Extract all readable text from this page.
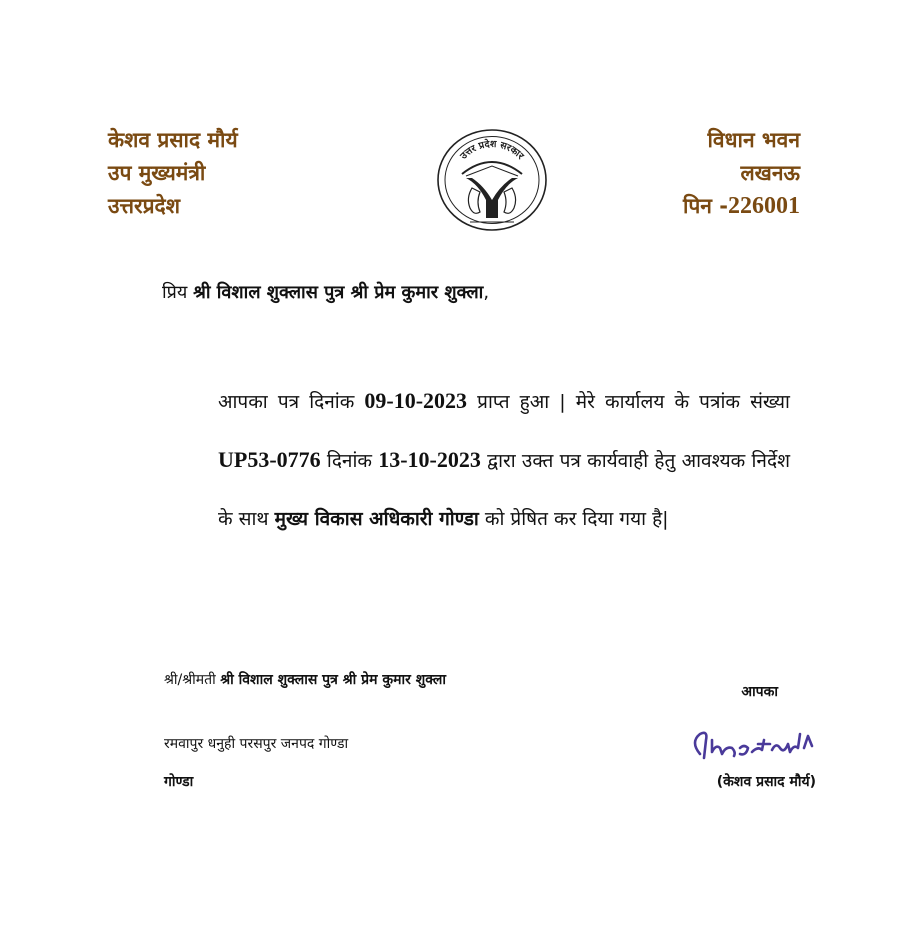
केशव प्रसाद मौर्य
उप मुख्यमंत्री
उत्तरप्रदेश
उत्तर प्रदेश सरकार
विधान भवन
लखनऊ
पिन -226001
प्रिय श्री विशाल शुक्लास पुत्र श्री प्रेम कुमार शुक्ला,
आपका पत्र दिनांक 09-10-2023 प्राप्त हुआ | मेरे कार्यालय के पत्रांक संख्या UP53-0776 दिनांक 13-10-2023 द्वारा उक्त पत्र कार्यवाही हेतु आवश्यक निर्देश के साथ मुख्य विकास अधिकारी गोण्डा को प्रेषित कर दिया गया है|
श्री/श्रीमती श्री विशाल शुक्लास पुत्र श्री प्रेम कुमार शुक्ला
रमवापुर धनुही परसपुर जनपद गोण्डा
गोण्डा
आपका
(केशव प्रसाद मौर्य)
